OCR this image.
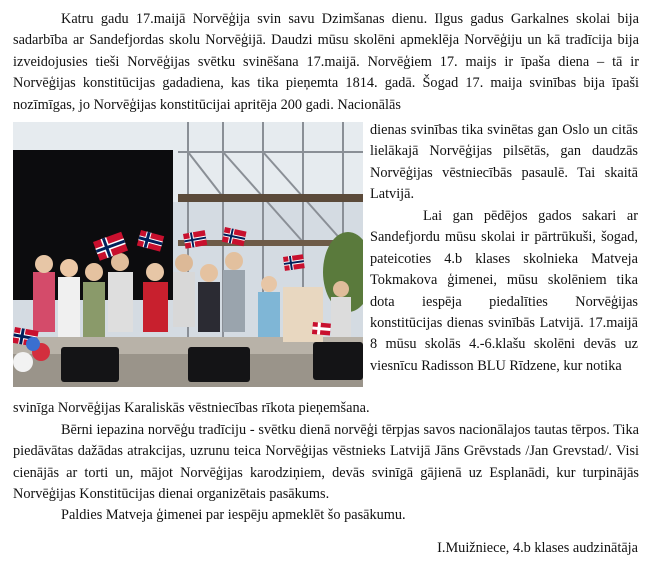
Katru gadu 17.maijā Norvēģija svin savu Dzimšanas dienu. Ilgus gadus Garkalnes skolai bija sadarbība ar Sandefjordas skolu Norvēģijā. Daudzi mūsu skolēni apmeklēja Norvēģiju un kā tradīcija bija izveidojusies tieši Norvēģijas svētku svinēšana 17.maijā. Norvēģiem 17. maijs ir īpaša diena – tā ir Norvēģijas konstitūcijas gadadiena, kas tika pieņemta 1814. gadā. Šogad 17. maija svinības bija īpaši nozīmīgas, jo Norvēģijas konstitūcijai apritēja 200 gadi. Nacionālās

dienas svinības tika svinētas gan Oslo un citās lielākajā Norvēģijas pilsētās, gan daudzās Norvēģijas vēstniecībās pasaulē. Tai skaitā Latvijā.

Lai gan pēdējos gados sakari ar Sandefjordu mūsu skolai ir pārtrūkuši, šogad, pateicoties 4.b klases skolnieka Matveja Tokmakova ģimenei, mūsu skolēniem tika dota iespēja piedalīties Norvēģijas konstitūcijas dienas svinībās Latvijā. 17.maijā 8 mūsu skolās 4.-6.klašu skolēni devās uz viesnīcu Radisson BLU Rīdzene, kur notika

svinīga Norvēģijas Karaliskās vēstniecības rīkota pieņemšana.

Bērni iepazina norvēģu tradīciju - svētku dienā norvēģi tērpjas savos nacionālajos tautas tērpos. Tika piedāvātas dažādas atrakcijas, uzrunu teica Norvēģijas vēstnieks Latvijā Jāns Grēvstads /Jan Grevstad/. Visi cienājās ar torti un, mājot Norvēģijas karodziņiem, devās svinīgā gājienā uz Esplanādi, kur turpinājās Norvēģijas Konstitūcijas dienai organizētais pasākums.

Paldies Matveja ģimenei par iespēju apmeklēt šo pasākumu.

I.Muižniece, 4.b klases audzinātāja
